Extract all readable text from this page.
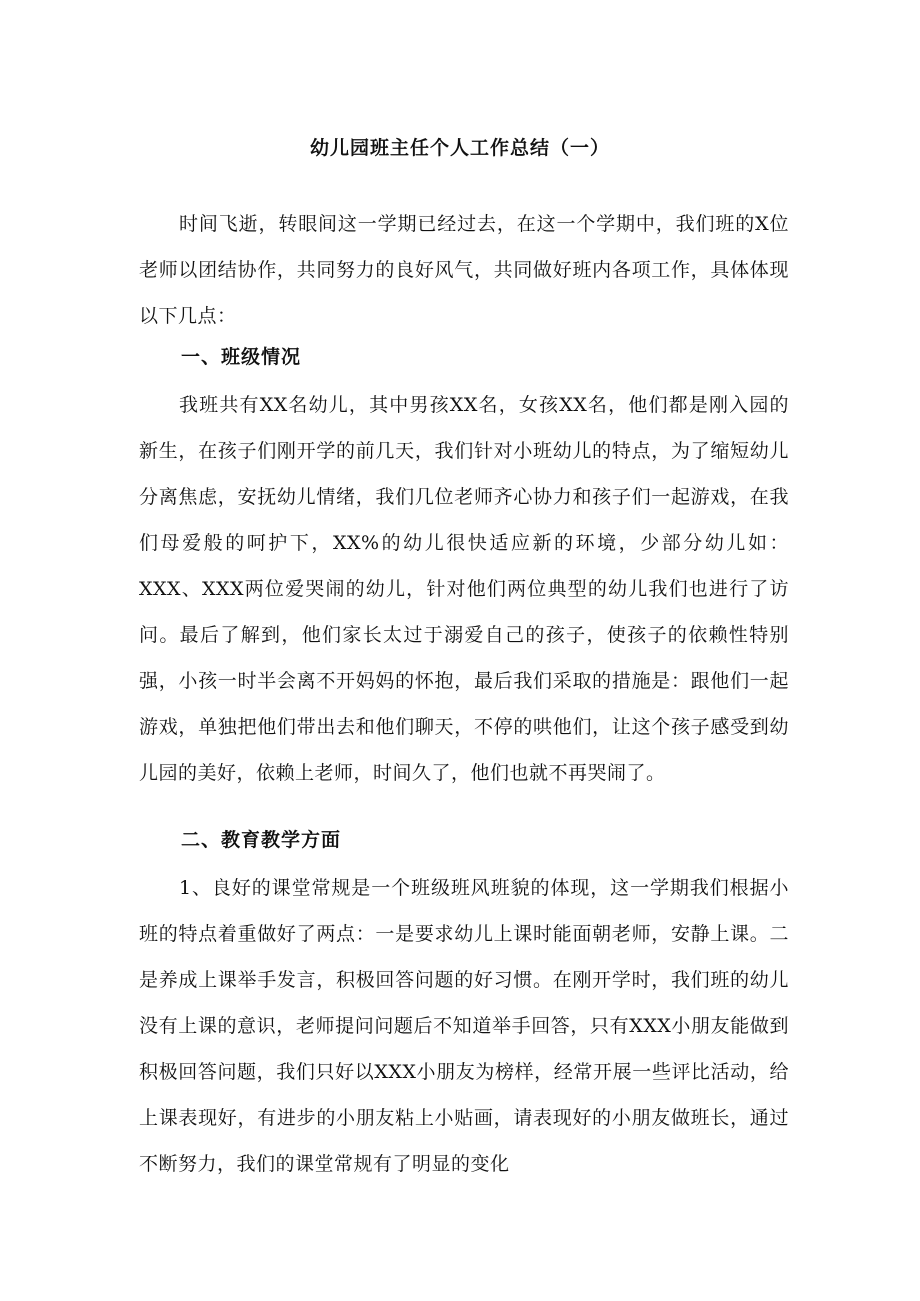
幼儿园班主任个人工作总结（一）

时间飞逝，转眼间这一学期已经过去，在这一个学期中，我们班的X位老师以团结协作，共同努力的良好风气，共同做好班内各项工作，具体体现以下几点：

一、班级情况

我班共有XX名幼儿，其中男孩XX名，女孩XX名，他们都是刚入园的新生，在孩子们刚开学的前几天，我们针对小班幼儿的特点，为了缩短幼儿分离焦虑，安抚幼儿情绪，我们几位老师齐心协力和孩子们一起游戏，在我们母爱般的呵护下，XX%的幼儿很快适应新的环境，少部分幼儿如：XXX、XXX两位爱哭闹的幼儿，针对他们两位典型的幼儿我们也进行了访问。最后了解到，他们家长太过于溺爱自己的孩子，使孩子的依赖性特别强，小孩一时半会离不开妈妈的怀抱，最后我们采取的措施是：跟他们一起游戏，单独把他们带出去和他们聊天，不停的哄他们，让这个孩子感受到幼儿园的美好，依赖上老师，时间久了，他们也就不再哭闹了。

二、教育教学方面

1、良好的课堂常规是一个班级班风班貌的体现，这一学期我们根据小班的特点着重做好了两点：一是要求幼儿上课时能面朝老师，安静上课。二是养成上课举手发言，积极回答问题的好习惯。在刚开学时，我们班的幼儿没有上课的意识，老师提问问题后不知道举手回答，只有XXX小朋友能做到积极回答问题，我们只好以XXX小朋友为榜样，经常开展一些评比活动，给上课表现好，有进步的小朋友粘上小贴画，请表现好的小朋友做班长，通过不断努力，我们的课堂常规有了明显的变化
